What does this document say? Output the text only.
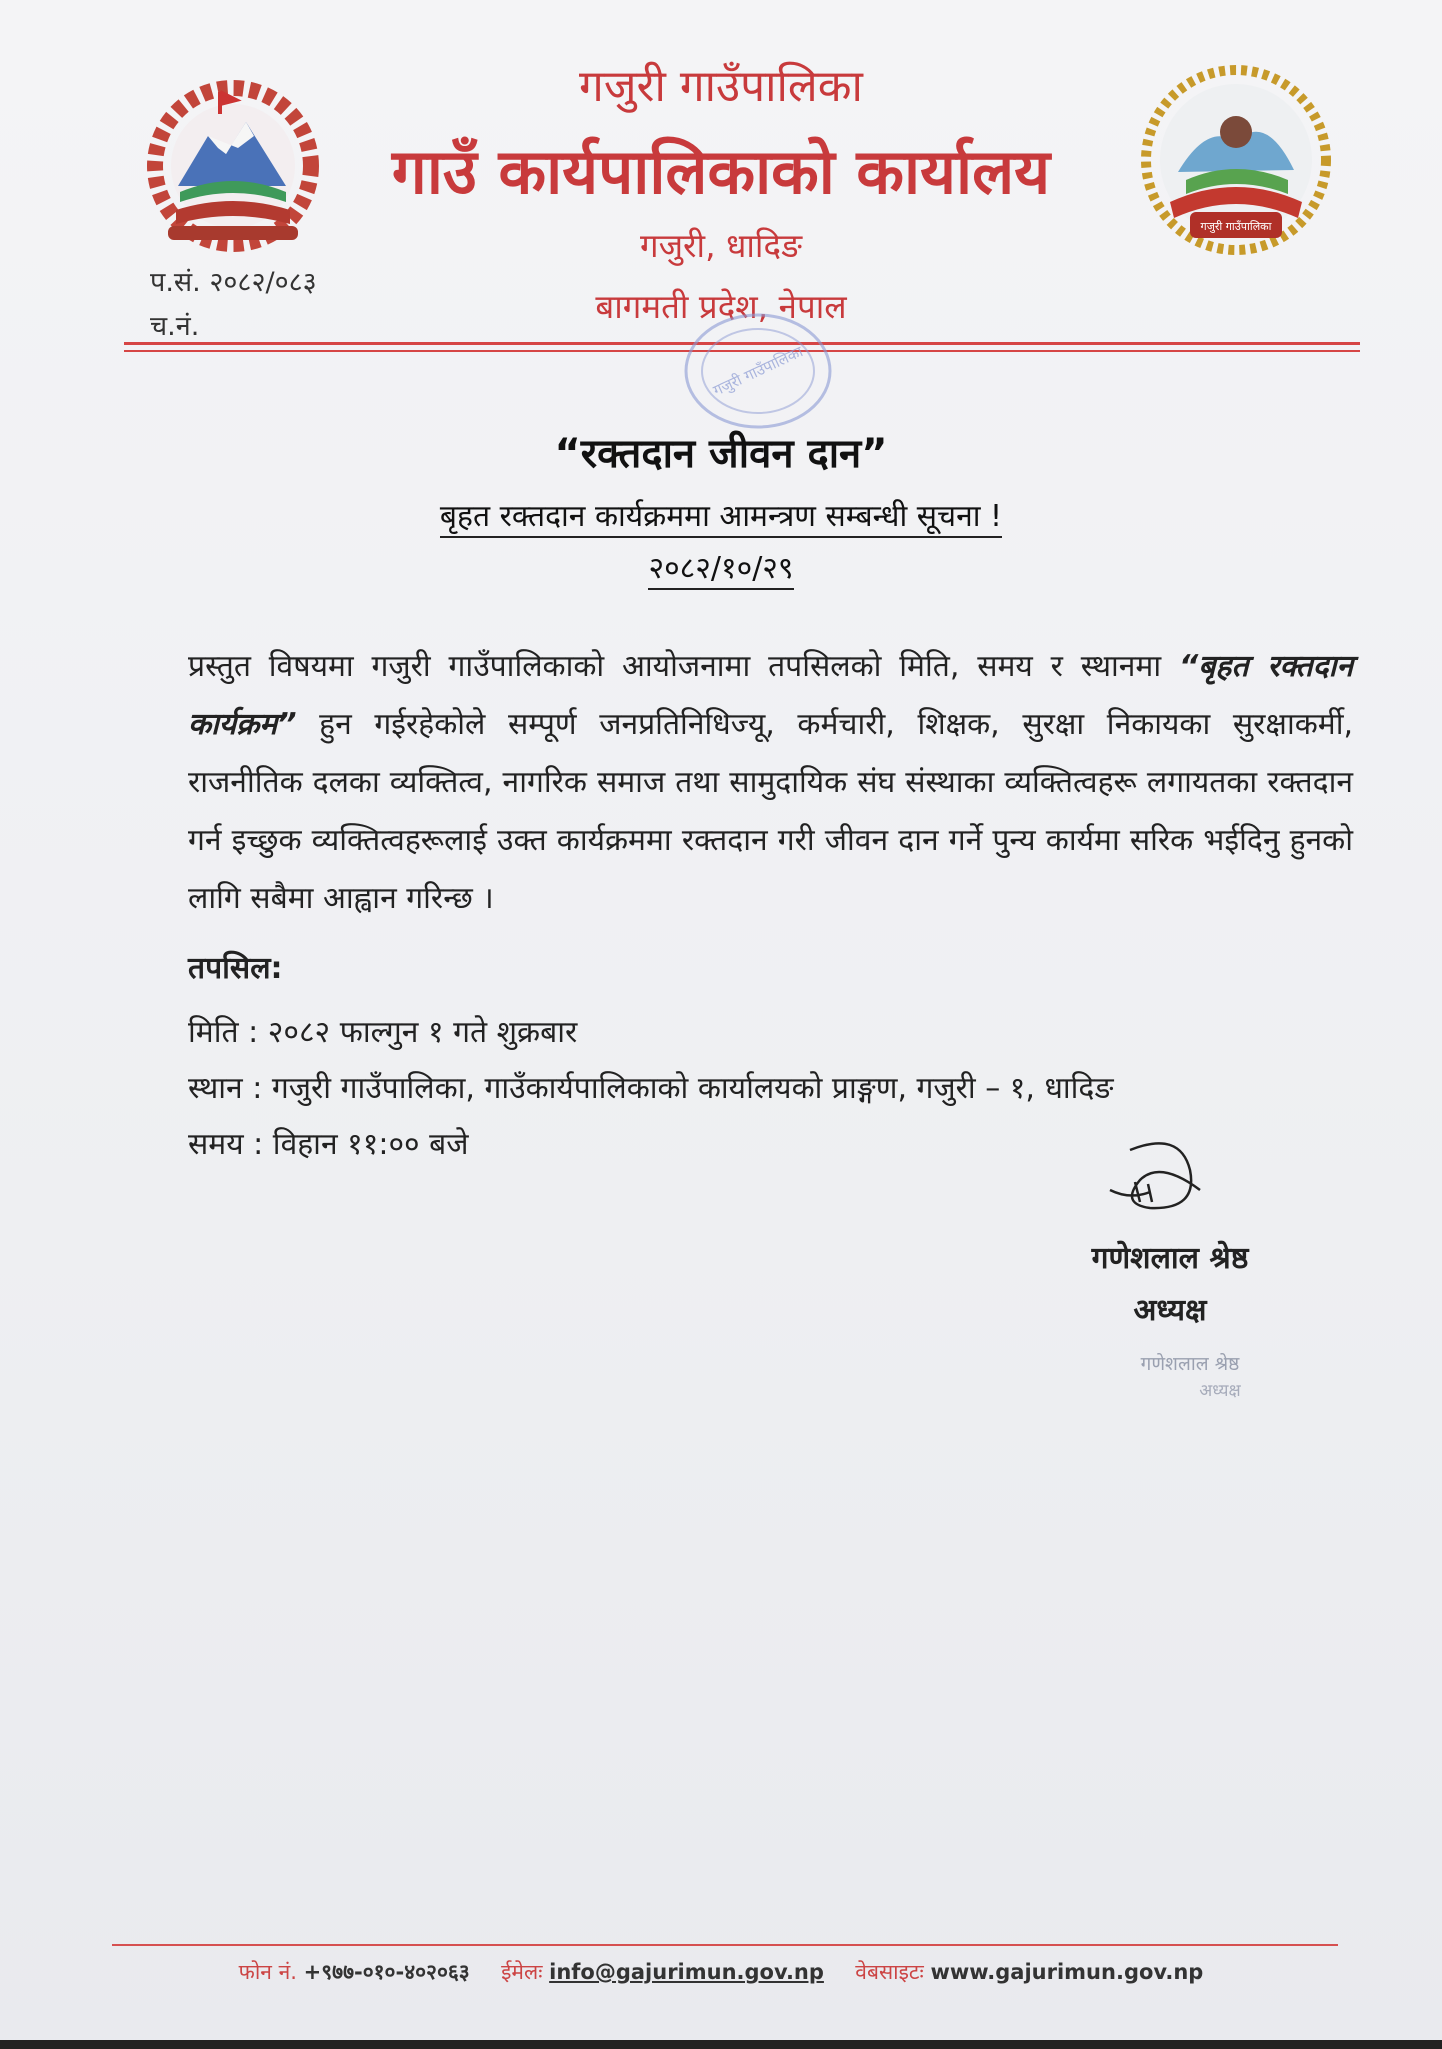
गजुरी गाउँपालिका
गजुरी गाउँपालिका
गाउँ कार्यपालिकाको कार्यालय
गजुरी, धादिङ
बागमती प्रदेश, नेपाल
प.सं. २०८२/०८३
च.नं.
गजुरी गाउँपालिका
“रक्तदान जीवन दान”
बृहत रक्तदान कार्यक्रममा आमन्त्रण सम्बन्धी सूचना !
२०८२/१०/२९
प्रस्तुत विषयमा गजुरी गाउँपालिकाको आयोजनामा तपसिलको मिति, समय र स्थानमा “बृहत रक्तदान कार्यक्रम” हुन गईरहेकोले सम्पूर्ण जनप्रतिनिधिज्यू, कर्मचारी, शिक्षक, सुरक्षा निकायका सुरक्षाकर्मी, राजनीतिक दलका व्यक्तित्व, नागरिक समाज तथा सामुदायिक संघ संस्थाका व्यक्तित्वहरू लगायतका रक्तदान गर्न इच्छुक व्यक्तित्वहरूलाई उक्त कार्यक्रममा रक्तदान गरी जीवन दान गर्ने पुन्य कार्यमा सरिक भईदिनु हुनको लागि सबैमा आह्वान गरिन्छ ।
तपसिल:
मिति : २०८२ फाल्गुन १ गते शुक्रबार
स्थान : गजुरी गाउँपालिका, गाउँकार्यपालिकाको कार्यालयको प्राङ्गण, गजुरी – १, धादिङ
समय : विहान ११:०० बजे
गणेशलाल श्रेष्ठ
अध्यक्ष
गणेशलाल श्रेष्ठ
अध्यक्ष
फोन नं. +९७७-०१०-४०२०६३ ईमेलः info@gajurimun.gov.np वेबसाइटः www.gajurimun.gov.np
